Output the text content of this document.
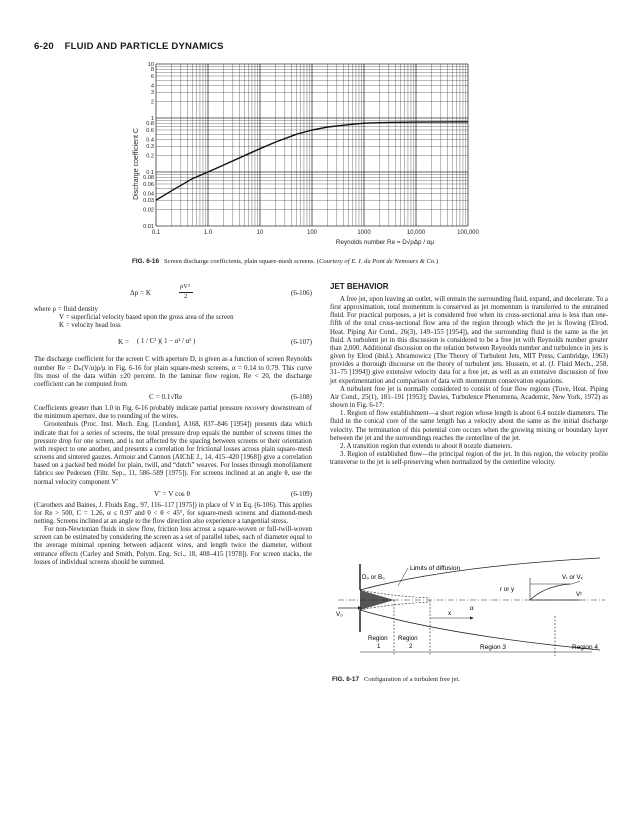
6-20 FLUID AND PARTICLE DYNAMICS
0.01
0.02
0.03
0.04
0.06
0.08
0.1
0.2
0.3
0.4
0.6
0.8
1
2
3
4
6
8
10
0.1	1.0	10	100	1000	10,000	100,000
Discharge coefficient C
Reynolds number Re = D√ρΔp / αμ
FIG. 6-16 Screen discharge coefficients, plain square-mesh screens. (Courtesy of E. I. du Pont de Nemours & Co.)
Δp = K
ρV²
2	(6-106)

where ρ = fluid density

V = superficial velocity based upon the gross area of the screen

K = velocity head loss

K = ( 1 / C² )( 1 − α² / α² )	(6-107)
The discharge coefficient for the screen C with aperture D, is given as a function of screen Reynolds number Re = Dₙ(V/α)ρ/μ in Fig. 6-16 for plain square-mesh screens, α = 0.14 to 0.79. This curve fits most of the data within ±20 percent. In the laminar flow region, Re < 20, the discharge coefficient can be computed from
C = 0.1√Re	(6-108)
Coefficients greater than 1.0 in Fig. 6-16 probably indicate partial pressure recovery downstream of the minimum aperture, due to rounding of the wires.
Grootenhuis (Proc. Inst. Mech. Eng. [London], A168, 837–846 [1954]) presents data which indicate that for a series of screens, the total pressure drop equals the number of screens times the pressure drop for one screen, and is not affected by the spacing between screens or their orientation with respect to one another, and presents a correlation for frictional losses across plain square-mesh screens and sintered gauzes. Armour and Cannon (AIChE J., 14, 415–420 [1968]) give a correlation based on a packed bed model for plain, twill, and “dutch” weaves. For losses through monofilament fabrics see Pedersen (Filtr. Sep., 11, 586–589 [1975]). For screens inclined at an angle θ, use the normal velocity component V′
V′ = V cos θ	(6-109)
(Carothers and Baines, J. Fluids Eng., 97, 116–117 [1975]) in place of V in Eq. (6-106). This applies for Re > 500, C = 1.26, α ≤ 0.97 and 0 < θ < 45°, for square-mesh screens and diamond-mesh netting. Screens inclined at an angle to the flow direction also experience a tangential stress.
For non-Newtonian fluids in slow flow, friction loss across a square-woven or full-twill-woven screen can be estimated by considering the screen as a set of parallel tubes, each of diameter equal to the average minimal opening between adjacent wires, and length twice the diameter, without entrance effects (Carley and Smith, Polym. Eng. Sci., 18, 408–415 [1978]). For screen stacks, the losses of individual screens should be summed.
JET BEHAVIOR
A free jet, upon leaving an outlet, will entrain the surrounding fluid, expand, and decelerate. To a first approximation, total momentum is conserved as jet momentum is transferred to the entrained fluid. For practical purposes, a jet is considered free when its cross-sectional area is less than one-fifth of the total cross-sectional flow area of the region through which the jet is flowing (Elrod, Heat. Piping Air Cond., 26(3), 149–155 [1954]), and the surrounding fluid is the same as the jet fluid. A turbulent jet in this discussion is considered to be a free jet with Reynolds number greater than 2,000. Additional discussion on the relation between Reynolds number and turbulence in jets is given by Elrod (ibid.). Abramowicz (The Theory of Turbulent Jets, MIT Press, Cambridge, 1963) provides a thorough discourse on the theory of turbulent jets. Hussein, et al. (J. Fluid Mech., 258, 31–75 [1994]) give extensive velocity data for a free jet, as well as an extensive discussion of free jet experimentation and comparison of data with momentum conservation equations.
A turbulent free jet is normally considered to consist of four flow regions (Tuve, Heat. Piping Air Cond., 25(1), 181–191 [1953]; Davies, Turbulence Phenomena, Academic, New York, 1972) as shown in Fig. 6-17:
1. Region of flow establishment—a short region whose length is about 6.4 nozzle diameters. The fluid in the conical core of the same length has a velocity about the same as the initial discharge velocity. The termination of this potential core occurs when the growing mixing or boundary layer between the jet and the surroundings reaches the centerline of the jet.
2. A transition region that extends to about 8 nozzle diameters.
3. Region of established flow—the principal region of the jet. In this region, the velocity profile transverse to the jet is self-preserving when normalized by the centerline velocity.
Limits of diffusion
D₀ or B₀
V₀
r or y
Vᵣ or Vₓ
Vᶜ
α
x
Region
1
Region
2	Region 3	Region 4
FIG. 6-17 Configuration of a turbulent free jet.
